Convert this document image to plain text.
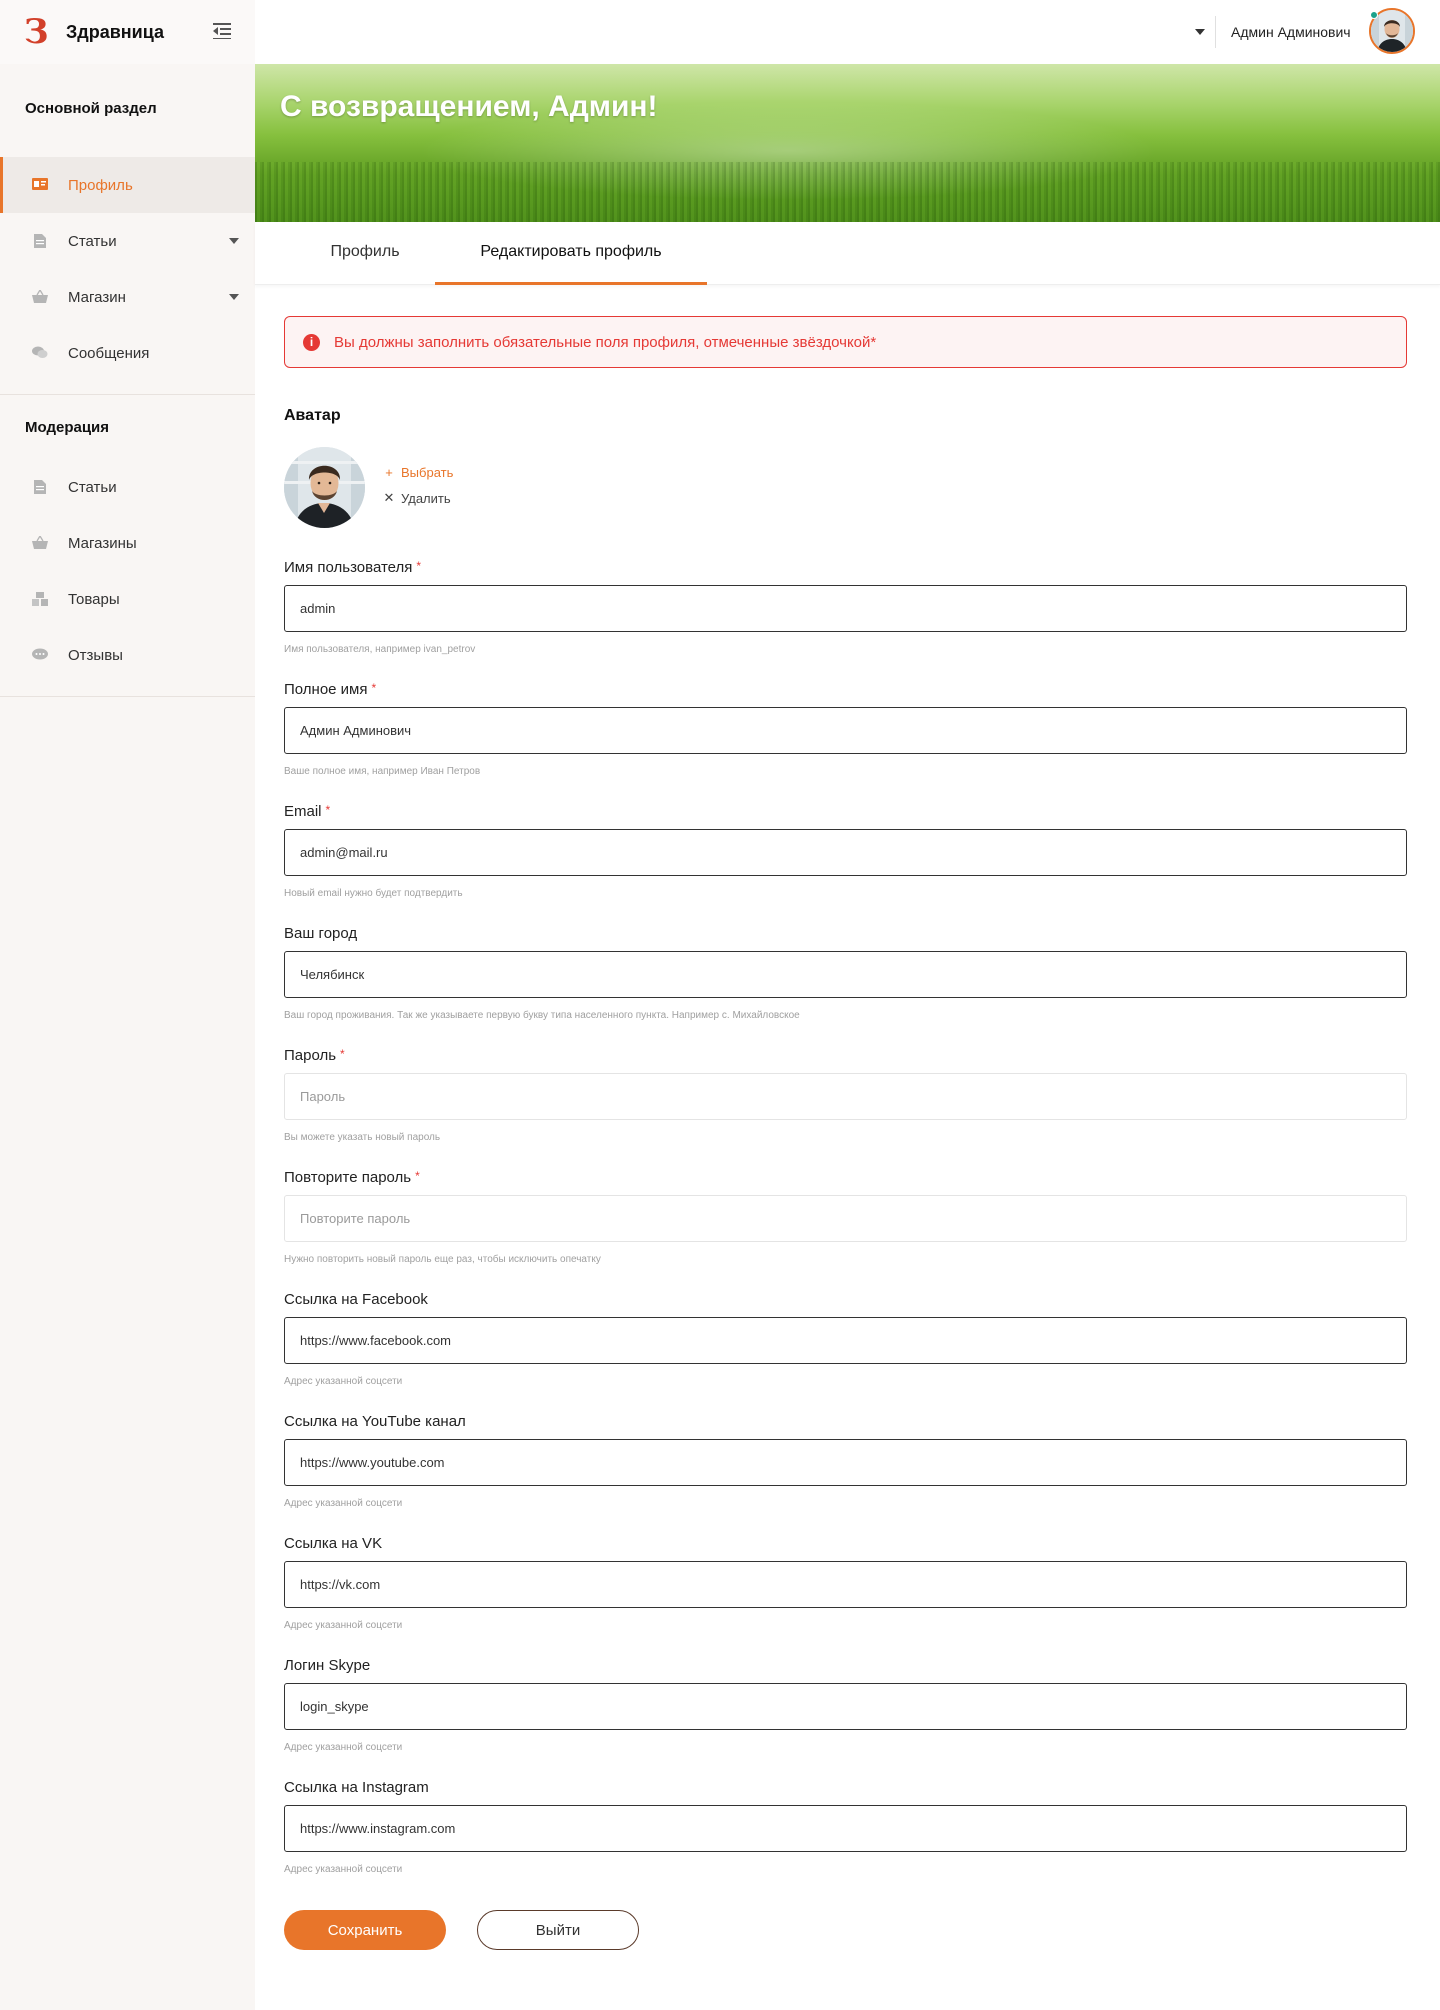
З Здравница
Основной раздел
Профиль
Статьи
Магазин
Сообщения
Модерация
Статьи
Магазины
Товары
Отзывы
Админ Админович
С возвращением, Админ!
Профиль	Редактировать профиль
i	Вы должны заполнить обязательные поля профиля, отмеченные звёздочкой*
Аватар
+ Выбрать
✕ Удалить
Имя пользователя *
admin
Имя пользователя, например ivan_petrov
Полное имя *
Админ Админович
Ваше полное имя, например Иван Петров
Email *
admin@mail.ru
Новый email нужно будет подтвердить
Ваш город
Челябинск
Ваш город проживания. Так же указываете первую букву типа населенного пункта. Например с. Михайловское
Пароль *
Пароль
Вы можете указать новый пароль
Повторите пароль *
Повторите пароль
Нужно повторить новый пароль еще раз, чтобы исключить опечатку
Ссылка на Facebook
https://www.facebook.com
Адрес указанной соцсети
Ссылка на YouTube канал
https://www.youtube.com
Адрес указанной соцсети
Ссылка на VK
https://vk.com
Адрес указанной соцсети
Логин Skype
login_skype
Адрес указанной соцсети
Ссылка на Instagram
https://www.instagram.com
Адрес указанной соцсети
Сохранить	Выйти
